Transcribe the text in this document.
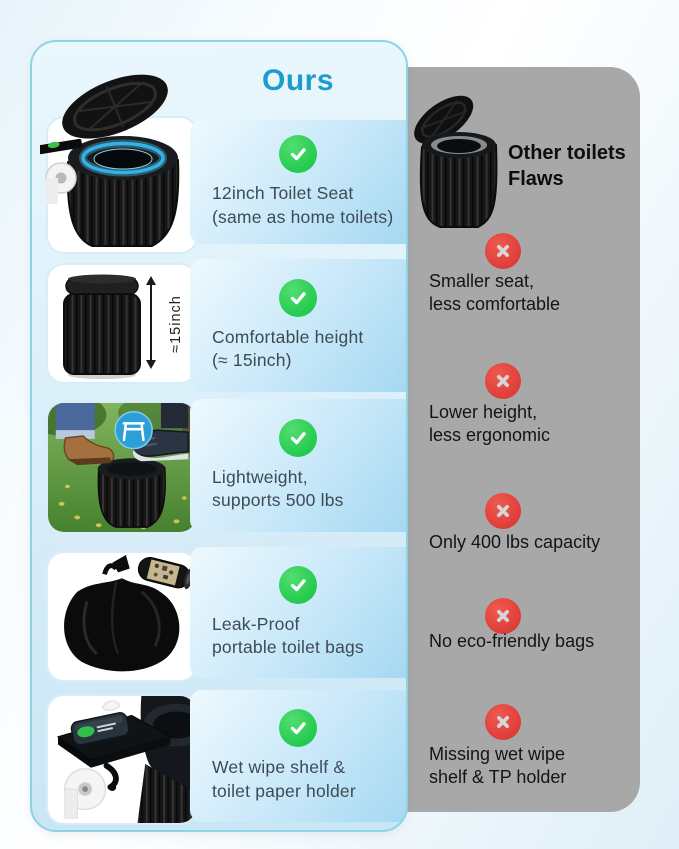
Ours
≈15inch
12inch Toilet Seat
(same as home toilets)
Comfortable height
(≈ 15inch)
Lightweight,
supports 500 lbs
Leak-Proof
portable toilet bags
Wet wipe shelf &
toilet paper holder
Other toilets
Flaws
Smaller seat,
less comfortable
Lower height,
less ergonomic
Only 400 lbs capacity
No eco-friendly bags
Missing wet wipe
shelf & TP holder
